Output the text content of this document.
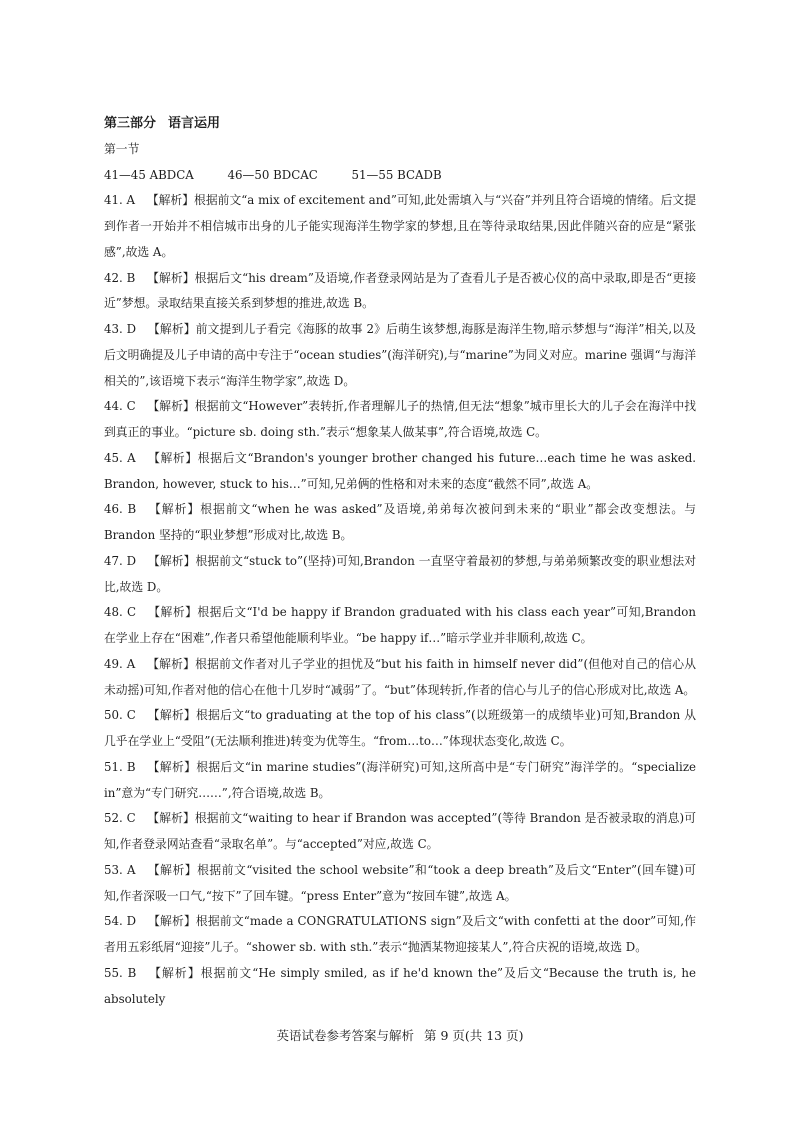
第三部分 语言运用

第一节

41—45 ABDCA	46—50 BDCAC	51—55 BCADB

41. A 【解析】根据前文“a mix of excitement and”可知,此处需填入与“兴奋”并列且符合语境的情绪。后文提到作者一开始并不相信城市出身的儿子能实现海洋生物学家的梦想,且在等待录取结果,因此伴随兴奋的应是“紧张感”,故选 A。

42. B 【解析】根据后文“his dream”及语境,作者登录网站是为了查看儿子是否被心仪的高中录取,即是否“更接近”梦想。录取结果直接关系到梦想的推进,故选 B。

43. D 【解析】前文提到儿子看完《海豚的故事 2》后萌生该梦想,海豚是海洋生物,暗示梦想与“海洋”相关,以及后文明确提及儿子申请的高中专注于“ocean studies”(海洋研究),与“marine”为同义对应。marine 强调“与海洋相关的”,该语境下表示“海洋生物学家”,故选 D。

44. C 【解析】根据前文“However”表转折,作者理解儿子的热情,但无法“想象”城市里长大的儿子会在海洋中找到真正的事业。“picture sb. doing sth.”表示“想象某人做某事”,符合语境,故选 C。

45. A 【解析】根据后文“Brandon's younger brother changed his future…each time he was asked. Brandon, however, stuck to his…”可知,兄弟俩的性格和对未来的态度“截然不同”,故选 A。

46. B 【解析】根据前文“when he was asked”及语境,弟弟每次被问到未来的“职业”都会改变想法。与 Brandon 坚持的“职业梦想”形成对比,故选 B。

47. D 【解析】根据前文“stuck to”(坚持)可知,Brandon 一直坚守着最初的梦想,与弟弟频繁改变的职业想法对比,故选 D。

48. C 【解析】根据后文“I'd be happy if Brandon graduated with his class each year”可知,Brandon 在学业上存在“困难”,作者只希望他能顺利毕业。“be happy if…”暗示学业并非顺利,故选 C。

49. A 【解析】根据前文作者对儿子学业的担忧及“but his faith in himself never did”(但他对自己的信心从未动摇)可知,作者对他的信心在他十几岁时“减弱”了。“but”体现转折,作者的信心与儿子的信心形成对比,故选 A。

50. C 【解析】根据后文“to graduating at the top of his class”(以班级第一的成绩毕业)可知,Brandon 从几乎在学业上“受阻”(无法顺利推进)转变为优等生。“from…to…”体现状态变化,故选 C。

51. B 【解析】根据后文“in marine studies”(海洋研究)可知,这所高中是“专门研究”海洋学的。“specialize in”意为“专门研究……”,符合语境,故选 B。

52. C 【解析】根据前文“waiting to hear if Brandon was accepted”(等待 Brandon 是否被录取的消息)可知,作者登录网站查看“录取名单”。与“accepted”对应,故选 C。

53. A 【解析】根据前文“visited the school website”和“took a deep breath”及后文“Enter”(回车键)可知,作者深吸一口气,“按下”了回车键。“press Enter”意为“按回车键”,故选 A。

54. D 【解析】根据前文“made a CONGRATULATIONS sign”及后文“with confetti at the door”可知,作者用五彩纸屑“迎接”儿子。“shower sb. with sth.”表示“抛洒某物迎接某人”,符合庆祝的语境,故选 D。

55. B 【解析】根据前文“He simply smiled, as if he'd known the”及后文“Because the truth is, he absolutely

英语试卷参考答案与解析 第 9 页(共 13 页)
